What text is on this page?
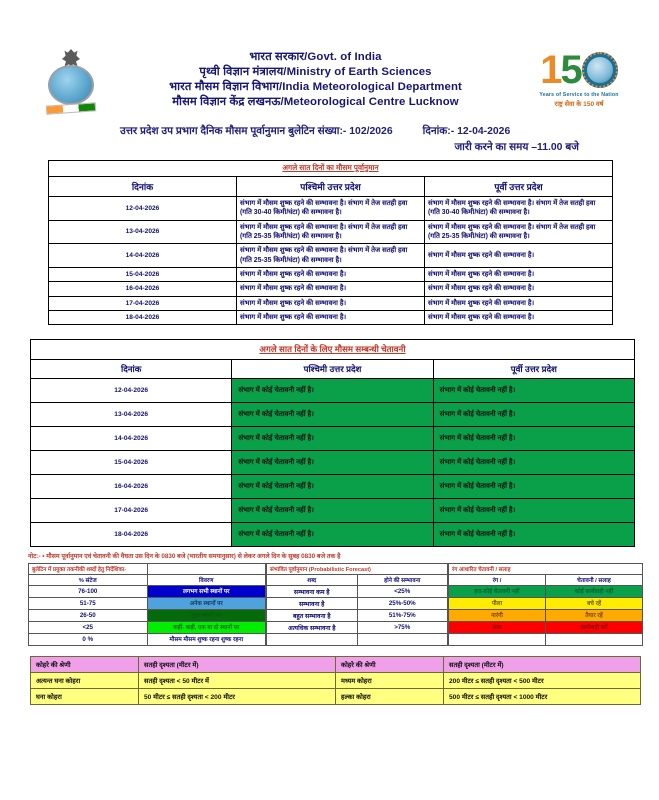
भारत सरकार/Govt. of India
पृथ्वी विज्ञान मंत्रालय/Ministry of Earth Sciences
भारत मौसम विज्ञान विभाग/India Meteorological Department
मौसम विज्ञान केंद्र लखनऊ/Meteorological Centre Lucknow
1 5
Years of Service to the Nation
राष्ट्र सेवा के 150 वर्ष
उत्तर प्रदेश उप प्रभाग दैनिक मौसम पूर्वानुमान बुलेटिन संख्या:- 102/2026	दिनांक:- 12-04-2026
जारी करने का समय –11.00 बजे
अगले सात दिनों का मौसम पूर्वानुमान		
दिनांक	पश्चिमी उत्तर प्रदेश	पूर्वी उत्तर प्रदेश
12-04-2026	संभाग में मौसम शुष्क रहने की सम्भावना है। संभाग में तेज सतही हवा (गति 30-40 किमी/घंटा) की सम्भावना है।	संभाग में मौसम शुष्क रहने की सम्भावना है। संभाग में तेज सतही हवा (गति 30-40 किमी/घंटा) की सम्भावना है।
13-04-2026	संभाग में मौसम शुष्क रहने की सम्भावना है। संभाग में तेज सतही हवा (गति 25-35 किमी/घंटा) की सम्भावना है।	संभाग में मौसम शुष्क रहने की सम्भावना है। संभाग में तेज सतही हवा (गति 25-35 किमी/घंटा) की सम्भावना है।
14-04-2026	संभाग में मौसम शुष्क रहने की सम्भावना है। संभाग में तेज सतही हवा (गति 25-35 किमी/घंटा) की सम्भावना है।	संभाग में मौसम शुष्क रहने की सम्भावना है।
15-04-2026	संभाग में मौसम शुष्क रहने की सम्भावना है।	संभाग में मौसम शुष्क रहने की सम्भावना है।
16-04-2026	संभाग में मौसम शुष्क रहने की सम्भावना है।	संभाग में मौसम शुष्क रहने की सम्भावना है।
17-04-2026	संभाग में मौसम शुष्क रहने की सम्भावना है।	संभाग में मौसम शुष्क रहने की सम्भावना है।
18-04-2026	संभाग में मौसम शुष्क रहने की सम्भावना है।	संभाग में मौसम शुष्क रहने की सम्भावना है।
अगले सात दिनों के लिए मौसम सम्बन्धी चेतावनी		
दिनांक	पश्चिमी उत्तर प्रदेश	पूर्वी उत्तर प्रदेश
12-04-2026	संभाग में कोई चेतावनी नहीं है।	संभाग में कोई चेतावनी नहीं है।
13-04-2026	संभाग में कोई चेतावनी नहीं है।	संभाग में कोई चेतावनी नहीं है।
14-04-2026	संभाग में कोई चेतावनी नहीं है।	संभाग में कोई चेतावनी नहीं है।
15-04-2026	संभाग में कोई चेतावनी नहीं है।	संभाग में कोई चेतावनी नहीं है।
16-04-2026	संभाग में कोई चेतावनी नहीं है।	संभाग में कोई चेतावनी नहीं है।
17-04-2026	संभाग में कोई चेतावनी नहीं है।	संभाग में कोई चेतावनी नहीं है।
18-04-2026	संभाग में कोई चेतावनी नहीं है।	संभाग में कोई चेतावनी नहीं है।
नोट:- • मौसम पूर्वानुमान एवं चेतावनी की वैधता उस दिन के 0830 बजे (भारतीय समयानुसार) से लेकर अगले दिन के सुबह 0830 बजे तक है
बुलेटिन में प्रयुक्त तकनीकी शब्दों हेतु निर्देशिका-	
% संटेज	विवरण
76-100	लगभग सभी स्थानों पर
51-75	अनेक स्थानों पर
26-50	कुछ स्थानों पर
<25	कहीं- कहीं, एक या दो स्थानों पर
0 %	मौसम मौसम शुष्क रहना शुष्क रहना
संभावित पूर्वानुमान (Probabilistic Forecast)	
शब्द	होने की सम्भावना
सम्भावना कम है	<25%
सम्भावना है	25%-50%
बहुत सम्भावना है	51%-75%
अत्यधिक सम्भावना है	>75%

रंग आधारित चेतावनी / सलाह	
रंग /	चेतावनी / सलाह
हरा-कोई चेतावनी नहीं	कोई कार्यवाही नहीं
पीला	बचे रहें
नारंगी	तैयार रहें
लाल	कार्यवाही करें

कोहरे की श्रेणी	सतही दृश्यता (मीटर में)	कोहरे की श्रेणी	सतही दृश्यता (मीटर में)
अत्यन्त घना कोहरा	सतही दृश्यता < 50 मीटर में	मध्यम कोहरा	200 मीटर ≤ सतही दृश्यता < 500 मीटर
घना कोहरा	50 मीटर ≤ सतही दृश्यता < 200 मीटर	हल्का कोहरा	500 मीटर ≤ सतही दृश्यता < 1000 मीटर
